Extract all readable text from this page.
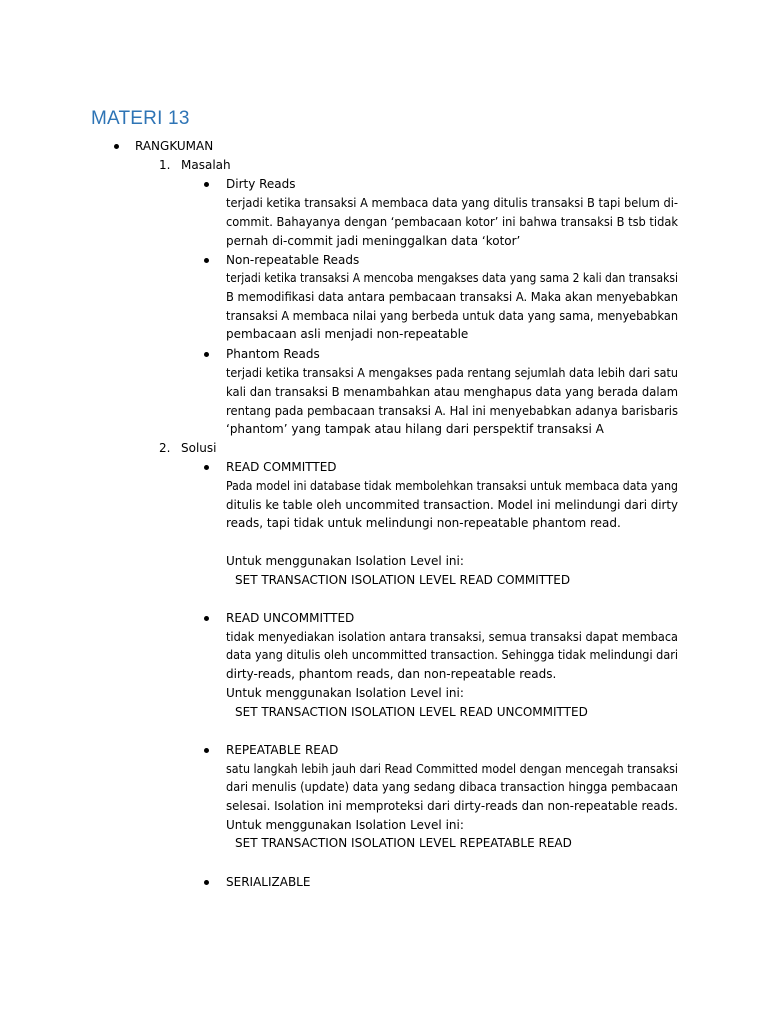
MATERI 13
RANGKUMAN
1. Masalah
Dirty Reads
terjadi ketika transaksi A membaca data yang ditulis transaksi B tapi belum di-
commit. Bahayanya dengan ‘pembacaan kotor’ ini bahwa transaksi B tsb tidak
pernah di-commit jadi meninggalkan data ‘kotor’
Non-repeatable Reads
terjadi ketika transaksi A mencoba mengakses data yang sama 2 kali dan transaksi
B memodifikasi data antara pembacaan transaksi A. Maka akan menyebabkan
transaksi A membaca nilai yang berbeda untuk data yang sama, menyebabkan
pembacaan asli menjadi non-repeatable
Phantom Reads
terjadi ketika transaksi A mengakses pada rentang sejumlah data lebih dari satu
kali dan transaksi B menambahkan atau menghapus data yang berada dalam
rentang pada pembacaan transaksi A. Hal ini menyebabkan adanya barisbaris
‘phantom’ yang tampak atau hilang dari perspektif transaksi A
2. Solusi
READ COMMITTED
Pada model ini database tidak membolehkan transaksi untuk membaca data yang
ditulis ke table oleh uncommited transaction. Model ini melindungi dari dirty
reads, tapi tidak untuk melindungi non-repeatable phantom read.
Untuk menggunakan Isolation Level ini:
SET TRANSACTION ISOLATION LEVEL READ COMMITTED
READ UNCOMMITTED
tidak menyediakan isolation antara transaksi, semua transaksi dapat membaca
data yang ditulis oleh uncommitted transaction. Sehingga tidak melindungi dari
dirty-reads, phantom reads, dan non-repeatable reads.
Untuk menggunakan Isolation Level ini:
SET TRANSACTION ISOLATION LEVEL READ UNCOMMITTED
REPEATABLE READ
satu langkah lebih jauh dari Read Committed model dengan mencegah transaksi
dari menulis (update) data yang sedang dibaca transaction hingga pembacaan
selesai. Isolation ini memproteksi dari dirty-reads dan non-repeatable reads.
Untuk menggunakan Isolation Level ini:
SET TRANSACTION ISOLATION LEVEL REPEATABLE READ
SERIALIZABLE
